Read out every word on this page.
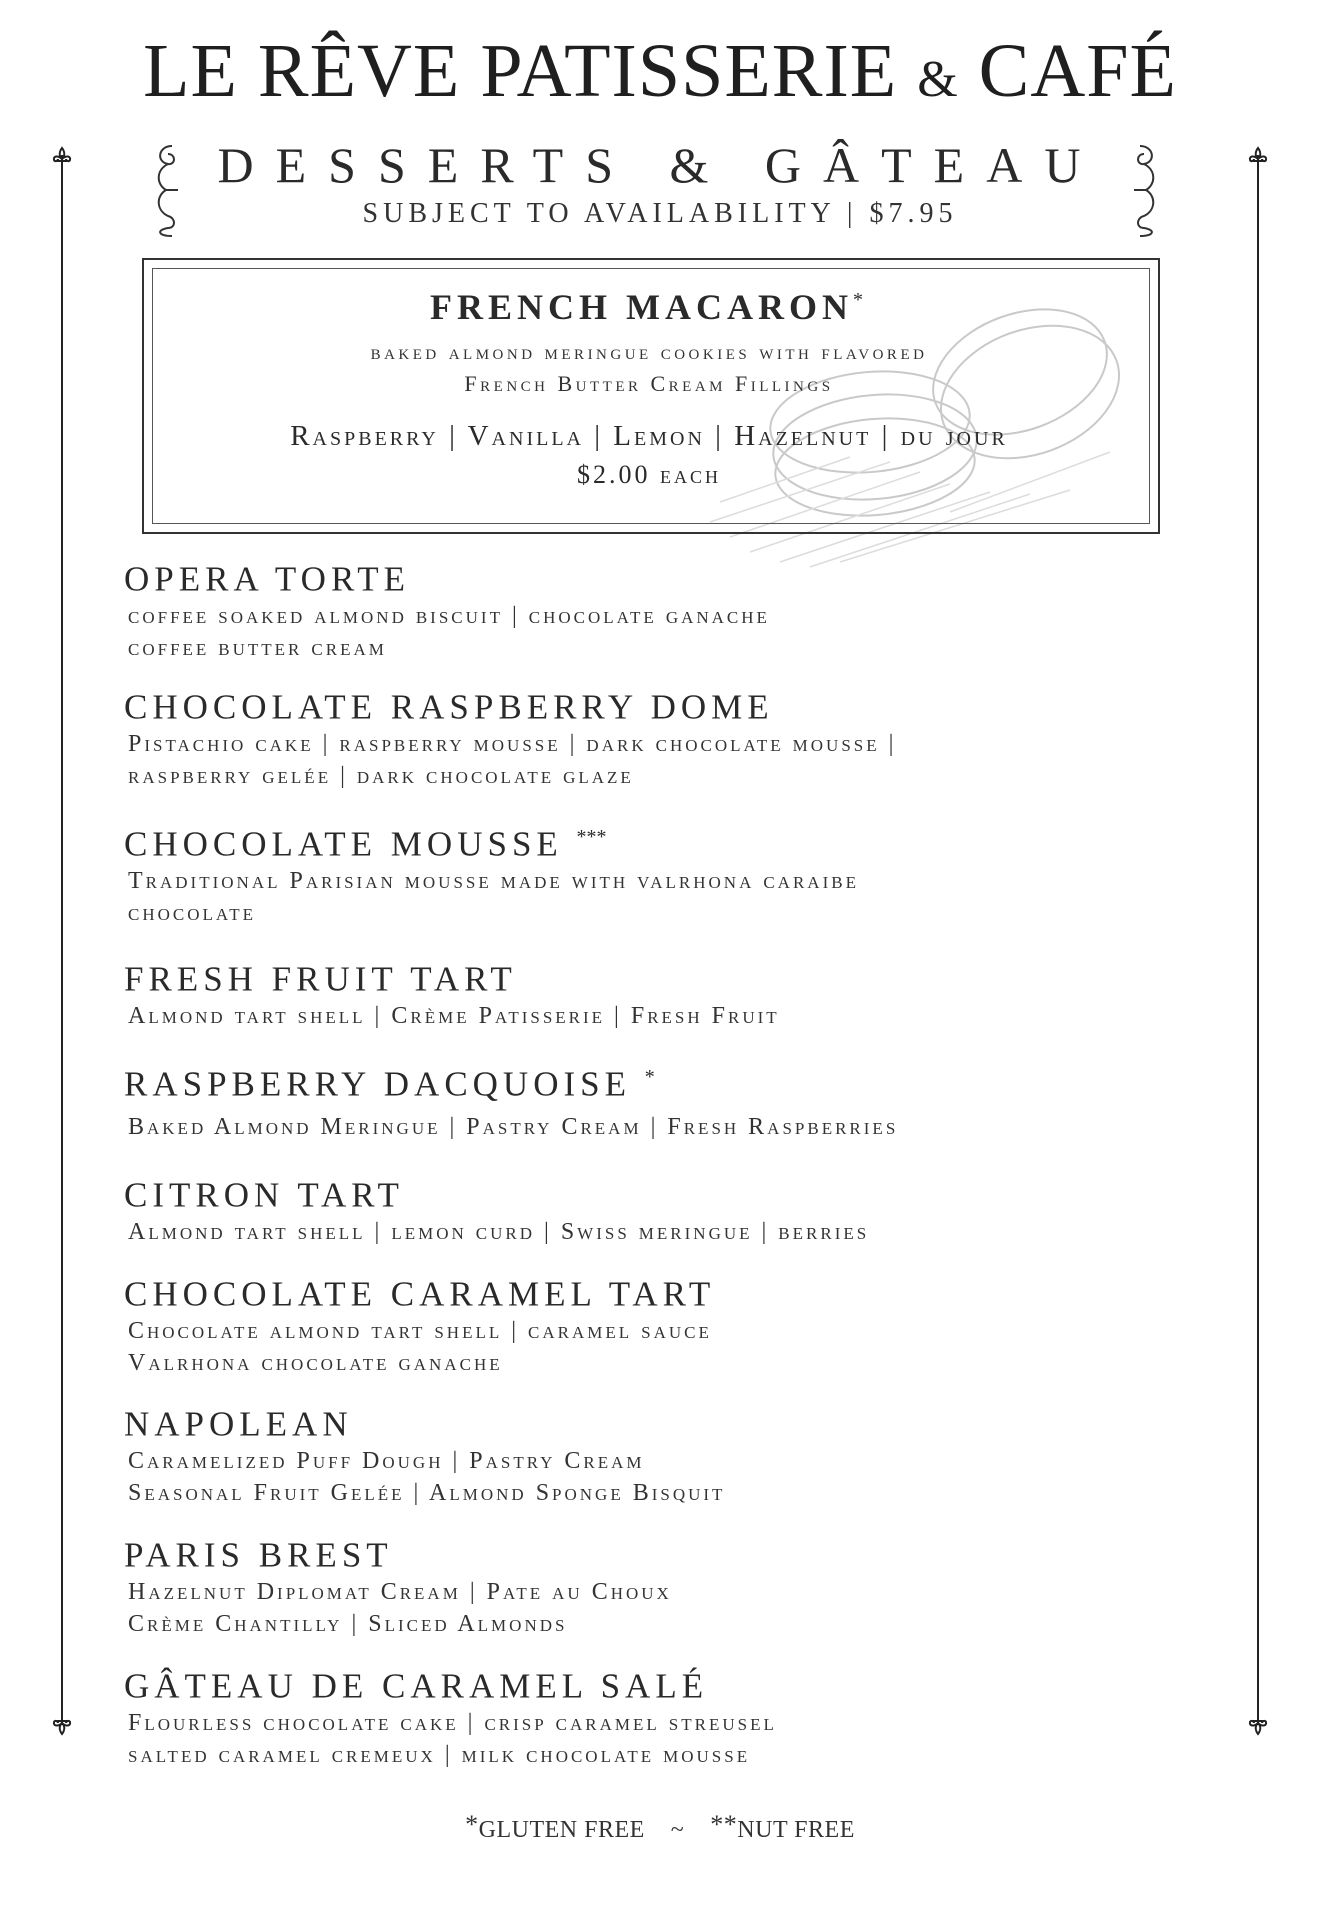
LE RÊVE PATISSERIE & CAFÉ
DESSERTS & GÂTEAU
SUBJECT TO AVAILABILITY | $7.95
FRENCH MACARON*
baked almond meringue cookies with flavored
French Butter Cream Fillings
Raspberry | Vanilla | Lemon | Hazelnut | du jour
$2.00 each
OPERA TORTE
coffee soaked almond biscuit | chocolate ganache
coffee butter cream
CHOCOLATE RASPBERRY DOME
Pistachio cake | raspberry mousse | dark chocolate mousse |
raspberry gelée | dark chocolate glaze
CHOCOLATE MOUSSE ***
Traditional Parisian mousse made with valrhona caraibe
chocolate
FRESH FRUIT TART
Almond tart shell | Crème Patisserie | Fresh Fruit
RASPBERRY DACQUOISE *
Baked Almond Meringue | Pastry Cream | Fresh Raspberries
CITRON TART
Almond tart shell | lemon curd | Swiss meringue | berries
CHOCOLATE CARAMEL TART
Chocolate almond tart shell | caramel sauce
Valrhona chocolate ganache
NAPOLEAN
Caramelized Puff Dough | Pastry Cream
Seasonal Fruit Gelée | Almond Sponge Bisquit
PARIS BREST
Hazelnut Diplomat Cream | Pate au Choux
Crème Chantilly | Sliced Almonds
GÂTEAU DE CARAMEL SALÉ
Flourless chocolate cake | crisp caramel streusel
salted caramel cremeux | milk chocolate mousse
*GLUTEN FREE ~ **NUT FREE
